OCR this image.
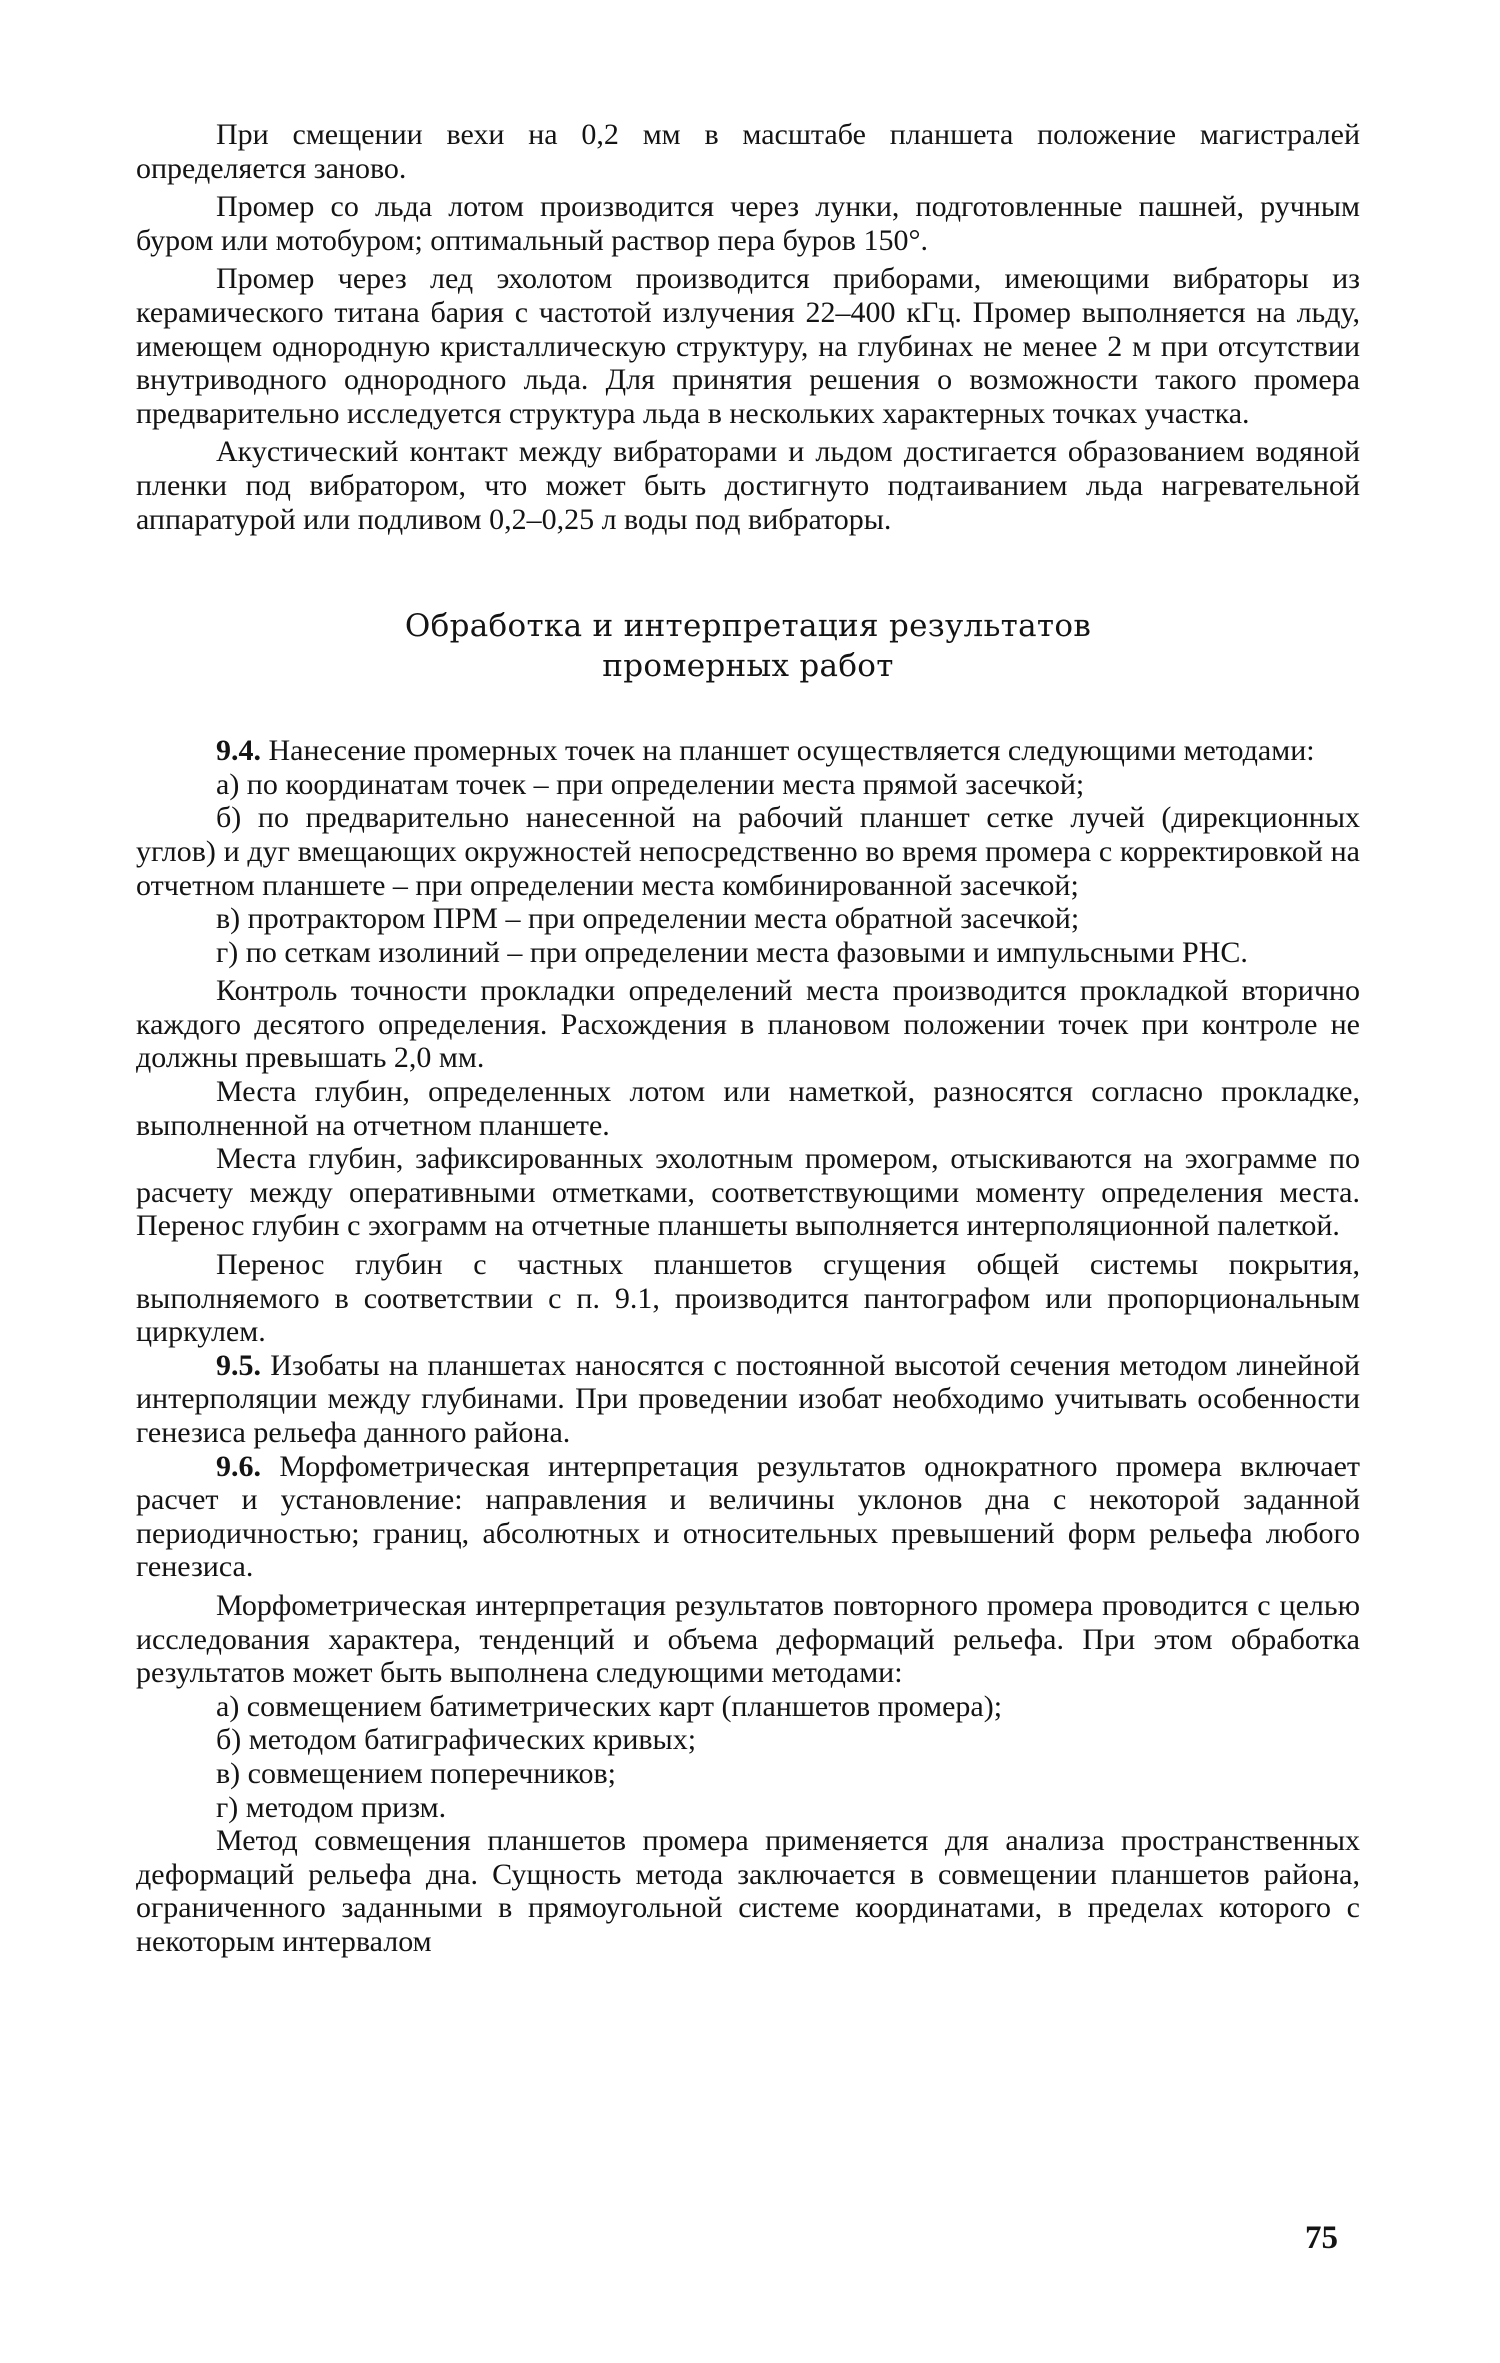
При смещении вехи на 0,2 мм в масштабе планшета положение магистралей определяется заново.

Промер со льда лотом производится через лунки, подготовленные пашней, ручным буром или мотобуром; оптимальный раствор пера буров 150°.

Промер через лед эхолотом производится приборами, имеющими вибраторы из керамического титана бария с частотой излучения 22–400 кГц. Промер выполняется на льду, имеющем однородную кристаллическую структуру, на глубинах не менее 2 м при отсутствии внутриводного однородного льда. Для принятия решения о возможности такого промера предварительно исследуется структура льда в нескольких характерных точках участка.

Акустический контакт между вибраторами и льдом достигается образованием водяной пленки под вибратором, что может быть достигнуто подтаиванием льда нагревательной аппаратурой или подливом 0,2–0,25 л воды под вибраторы.

Обработка и интерпретация результатов
промерных работ

9.4. Нанесение промерных точек на планшет осуществляется следующими методами:

а) по координатам точек – при определении места прямой засечкой;

б) по предварительно нанесенной на рабочий планшет сетке лучей (дирекционных углов) и дуг вмещающих окружностей непосредственно во время промера с корректировкой на отчетном планшете – при определении места комбинированной засечкой;

в) протрактором ПРМ – при определении места обратной засечкой;

г) по сеткам изолиний – при определении места фазовыми и импульсными РНС.

Контроль точности прокладки определений места производится прокладкой вторично каждого десятого определения. Расхождения в плановом положении точек при контроле не должны превышать 2,0 мм.

Места глубин, определенных лотом или наметкой, разносятся согласно прокладке, выполненной на отчетном планшете.

Места глубин, зафиксированных эхолотным промером, отыскиваются на эхограмме по расчету между оперативными отметками, соответствующими моменту определения места. Перенос глубин с эхограмм на отчетные планшеты выполняется интерполяционной палеткой.

Перенос глубин с частных планшетов сгущения общей системы покрытия, выполняемого в соответствии с п. 9.1, производится пантографом или пропорциональным циркулем.

9.5. Изобаты на планшетах наносятся с постоянной высотой сечения методом линейной интерполяции между глубинами. При проведении изобат необходимо учитывать особенности генезиса рельефа данного района.

9.6. Морфометрическая интерпретация результатов однократного промера включает расчет и установление: направления и величины уклонов дна с некоторой заданной периодичностью; границ, абсолютных и относительных превышений форм рельефа любого генезиса.

Морфометрическая интерпретация результатов повторного промера проводится с целью исследования характера, тенденций и объема деформаций рельефа. При этом обработка результатов может быть выполнена следующими методами:

а) совмещением батиметрических карт (планшетов промера);

б) методом батиграфических кривых;

в) совмещением поперечников;

г) методом призм.

Метод совмещения планшетов промера применяется для анализа пространственных деформаций рельефа дна. Сущность метода заключается в совмещении планшетов района, ограниченного заданными в прямоугольной системе координатами, в пределах которого с некоторым интервалом

75
